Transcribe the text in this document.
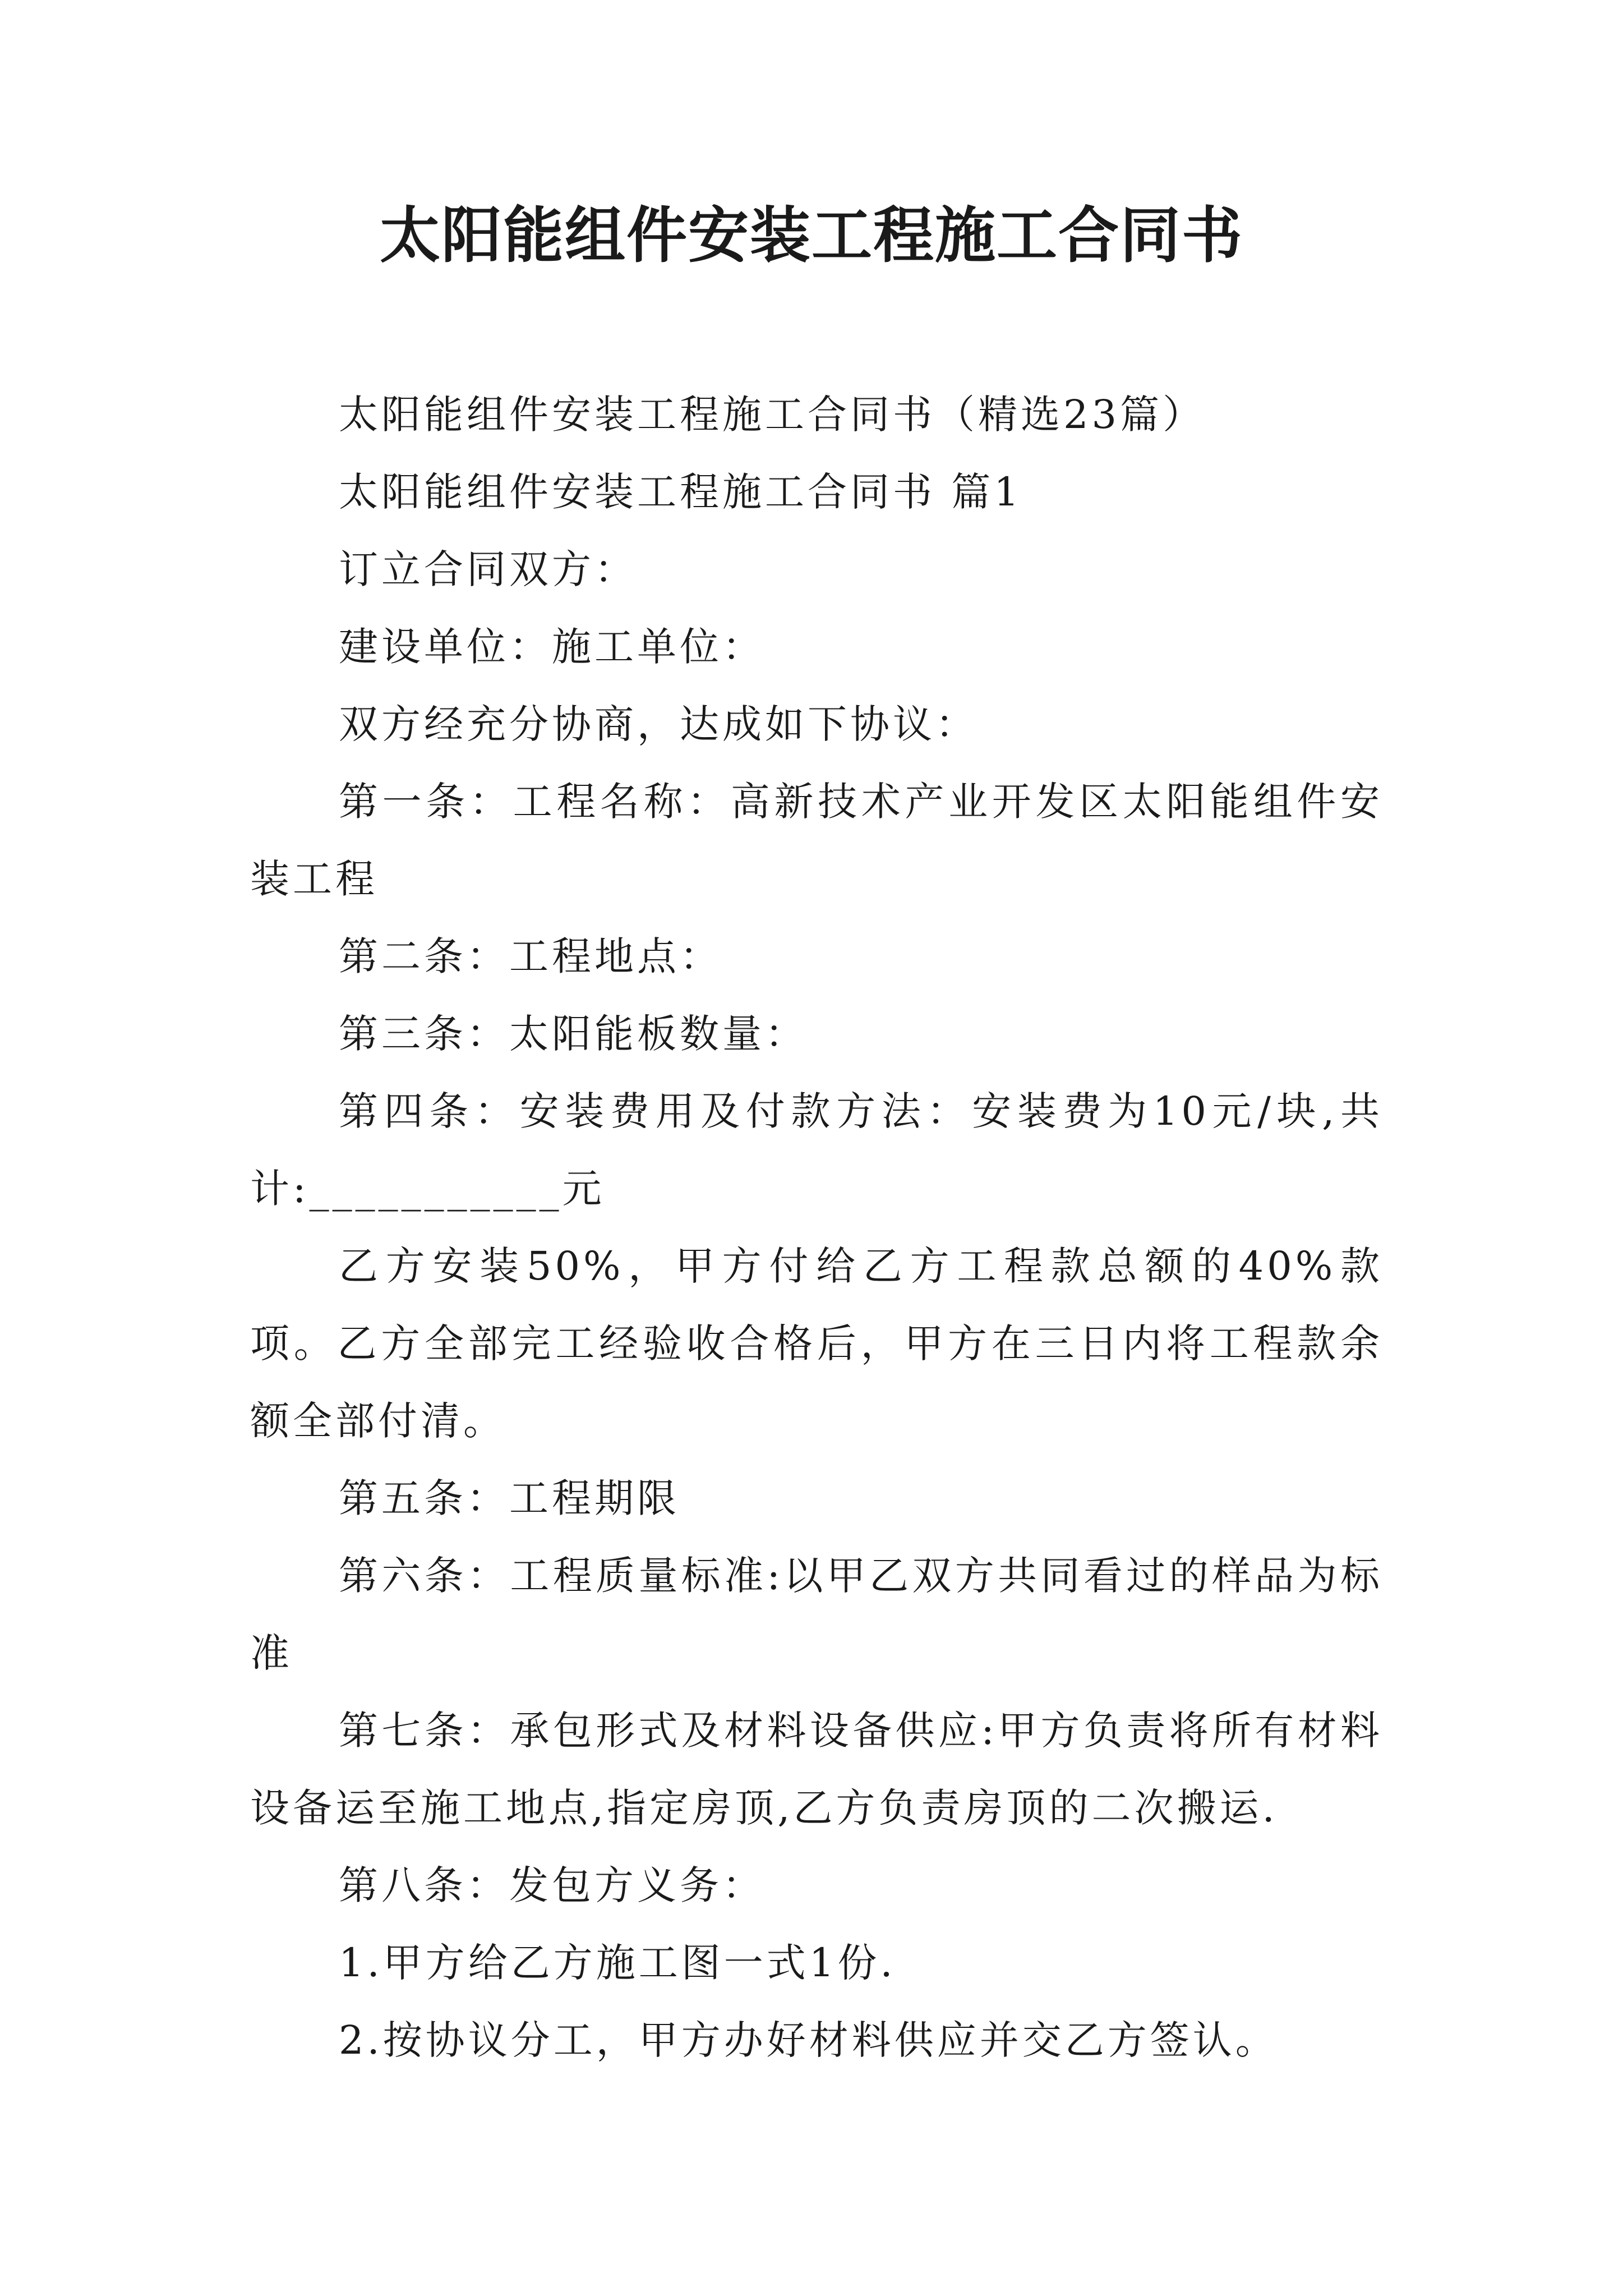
太阳能组件安装工程施工合同书

太阳能组件安装工程施工合同书（精选23篇）

太阳能组件安装工程施工合同书 篇1

订立合同双方：

建设单位：施工单位：

双方经充分协商，达成如下协议：

第一条：工程名称：高新技术产业开发区太阳能组件安装工程

第二条：工程地点：

第三条：太阳能板数量：

第四条：安装费用及付款方法：安装费为10元/块,共计:___________元

乙方安装50%，甲方付给乙方工程款总额的40%款项。乙方全部完工经验收合格后，甲方在三日内将工程款余额全部付清。

第五条：工程期限

第六条：工程质量标准:以甲乙双方共同看过的样品为标准

第七条：承包形式及材料设备供应:甲方负责将所有材料设备运至施工地点,指定房顶,乙方负责房顶的二次搬运.

第八条：发包方义务：

1.甲方给乙方施工图一式1份.

2.按协议分工，甲方办好材料供应并交乙方签认。
